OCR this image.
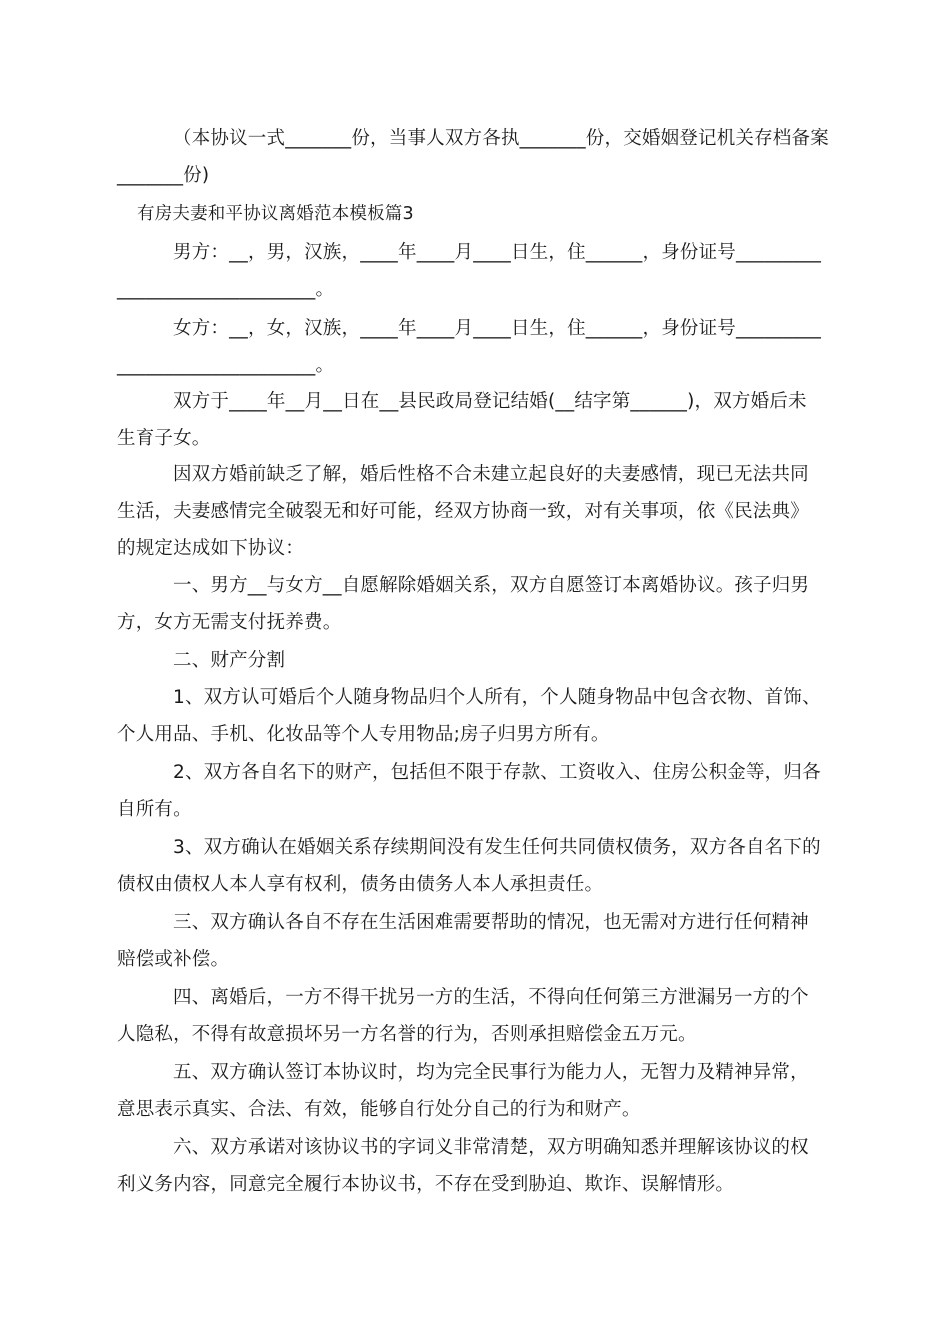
（本协议一式_______份，当事人双方各执_______份，交婚姻登记机关存档备案
_______份)
有房夫妻和平协议离婚范本模板篇3
男方：__，男，汉族，____年____月____日生，住______，身份证号_________
_____________________。
女方：__，女，汉族，____年____月____日生，住______，身份证号_________
_____________________。
双方于____年__月__日在__县民政局登记结婚(__结字第______)，双方婚后未
生育子女。
因双方婚前缺乏了解，婚后性格不合未建立起良好的夫妻感情，现已无法共同
生活，夫妻感情完全破裂无和好可能，经双方协商一致，对有关事项，依《民法典》
的规定达成如下协议：
一、男方__与女方__自愿解除婚姻关系，双方自愿签订本离婚协议。孩子归男
方，女方无需支付抚养费。
二、财产分割
1、双方认可婚后个人随身物品归个人所有，个人随身物品中包含衣物、首饰、
个人用品、手机、化妆品等个人专用物品;房子归男方所有。
2、双方各自名下的财产，包括但不限于存款、工资收入、住房公积金等，归各
自所有。
3、双方确认在婚姻关系存续期间没有发生任何共同债权债务，双方各自名下的
债权由债权人本人享有权利，债务由债务人本人承担责任。
三、双方确认各自不存在生活困难需要帮助的情况，也无需对方进行任何精神
赔偿或补偿。
四、离婚后，一方不得干扰另一方的生活，不得向任何第三方泄漏另一方的个
人隐私，不得有故意损坏另一方名誉的行为，否则承担赔偿金五万元。
五、双方确认签订本协议时，均为完全民事行为能力人，无智力及精神异常，
意思表示真实、合法、有效，能够自行处分自己的行为和财产。
六、双方承诺对该协议书的字词义非常清楚，双方明确知悉并理解该协议的权
利义务内容，同意完全履行本协议书，不存在受到胁迫、欺诈、误解情形。
